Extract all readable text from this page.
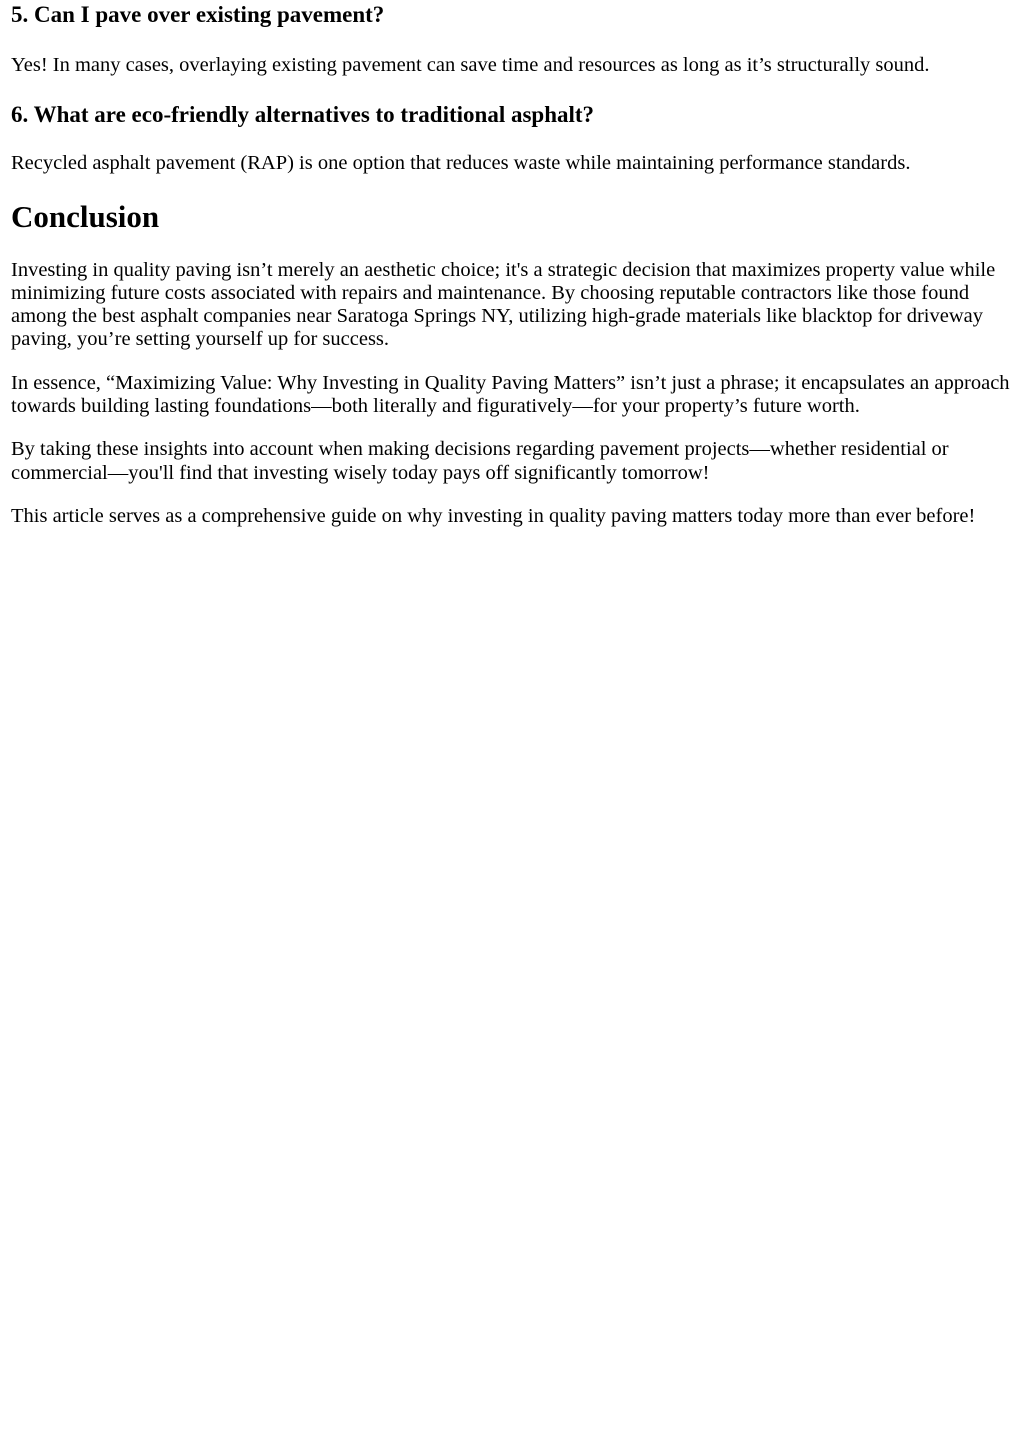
5. Can I pave over existing pavement?

Yes! In many cases, overlaying existing pavement can save time and resources as long as it’s structurally sound.

6. What are eco-friendly alternatives to traditional asphalt?

Recycled asphalt pavement (RAP) is one option that reduces waste while maintaining performance standards.

Conclusion

Investing in quality paving isn’t merely an aesthetic choice; it's a strategic decision that maximizes property value while minimizing future costs associated with repairs and maintenance. By choosing reputable contractors like those found among the best asphalt companies near Saratoga Springs NY, utilizing high-grade materials like blacktop for driveway paving, you’re setting yourself up for success.

In essence, “Maximizing Value: Why Investing in Quality Paving Matters” isn’t just a phrase; it encapsulates an approach towards building lasting foundations—both literally and figuratively—for your property’s future worth.

By taking these insights into account when making decisions regarding pavement projects—whether residential or commercial—you'll find that investing wisely today pays off significantly tomorrow!

This article serves as a comprehensive guide on why investing in quality paving matters today more than ever before!
